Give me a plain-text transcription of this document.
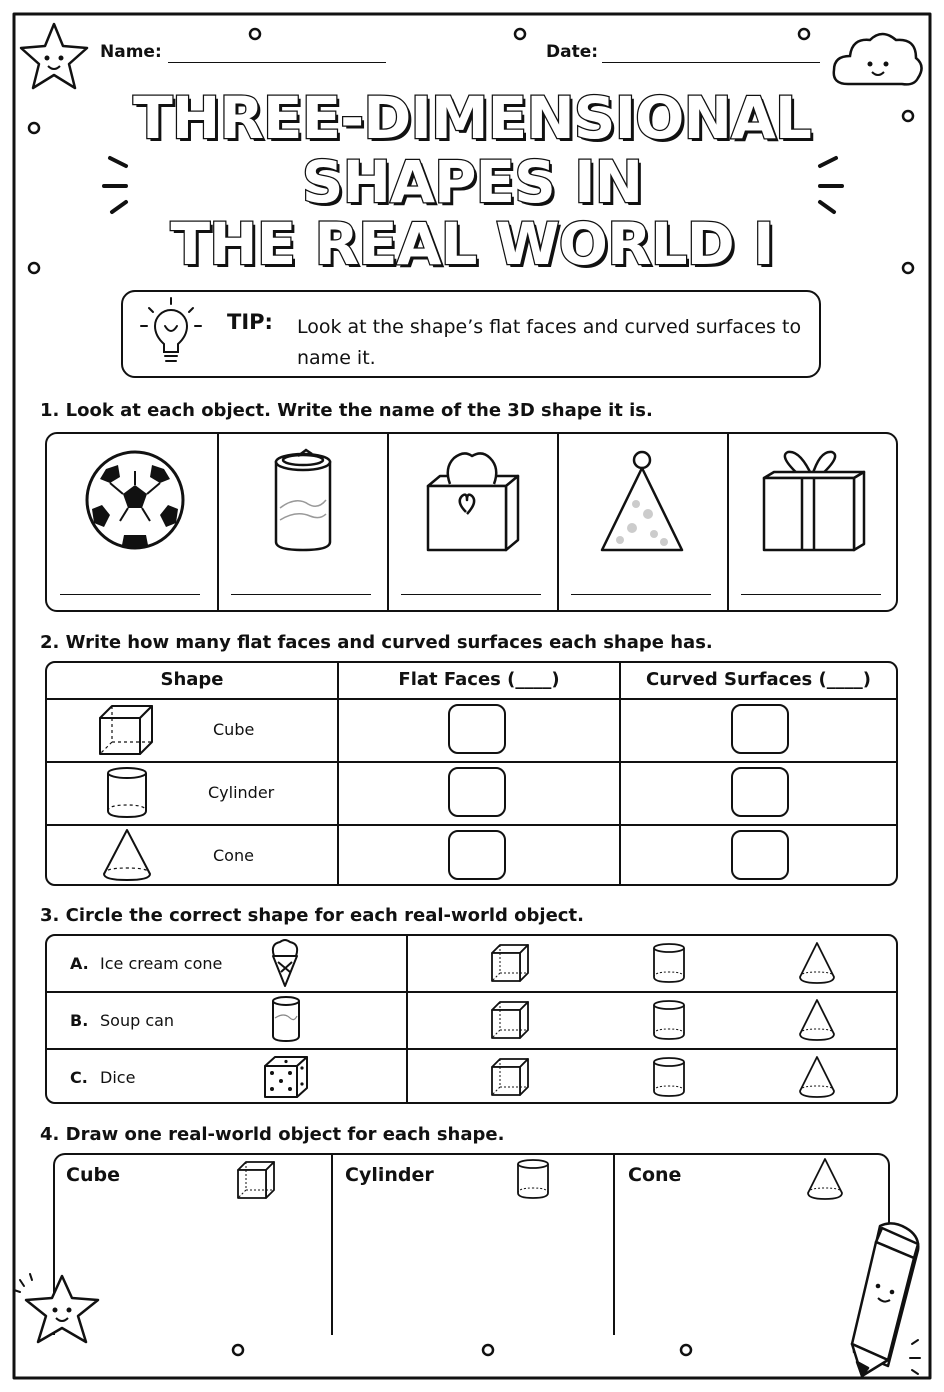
Name:	Date:
THREE-DIMENSIONAL
SHAPES IN
THE REAL WORLD I
TIP: Look at the shape’s flat faces and curved surfaces to name it.
1. Look at each object. Write the name of the 3D shape it is.
2. Write how many flat faces and curved surfaces each shape has.
Shape	Flat Faces (____)	Curved Surfaces (____)
Cube
Cylinder
Cone
3. Circle the correct shape for each real-world object.
A. Ice cream cone
B. Soup can
C. Dice
4. Draw one real-world object for each shape.
Cube	Cylinder	Cone
